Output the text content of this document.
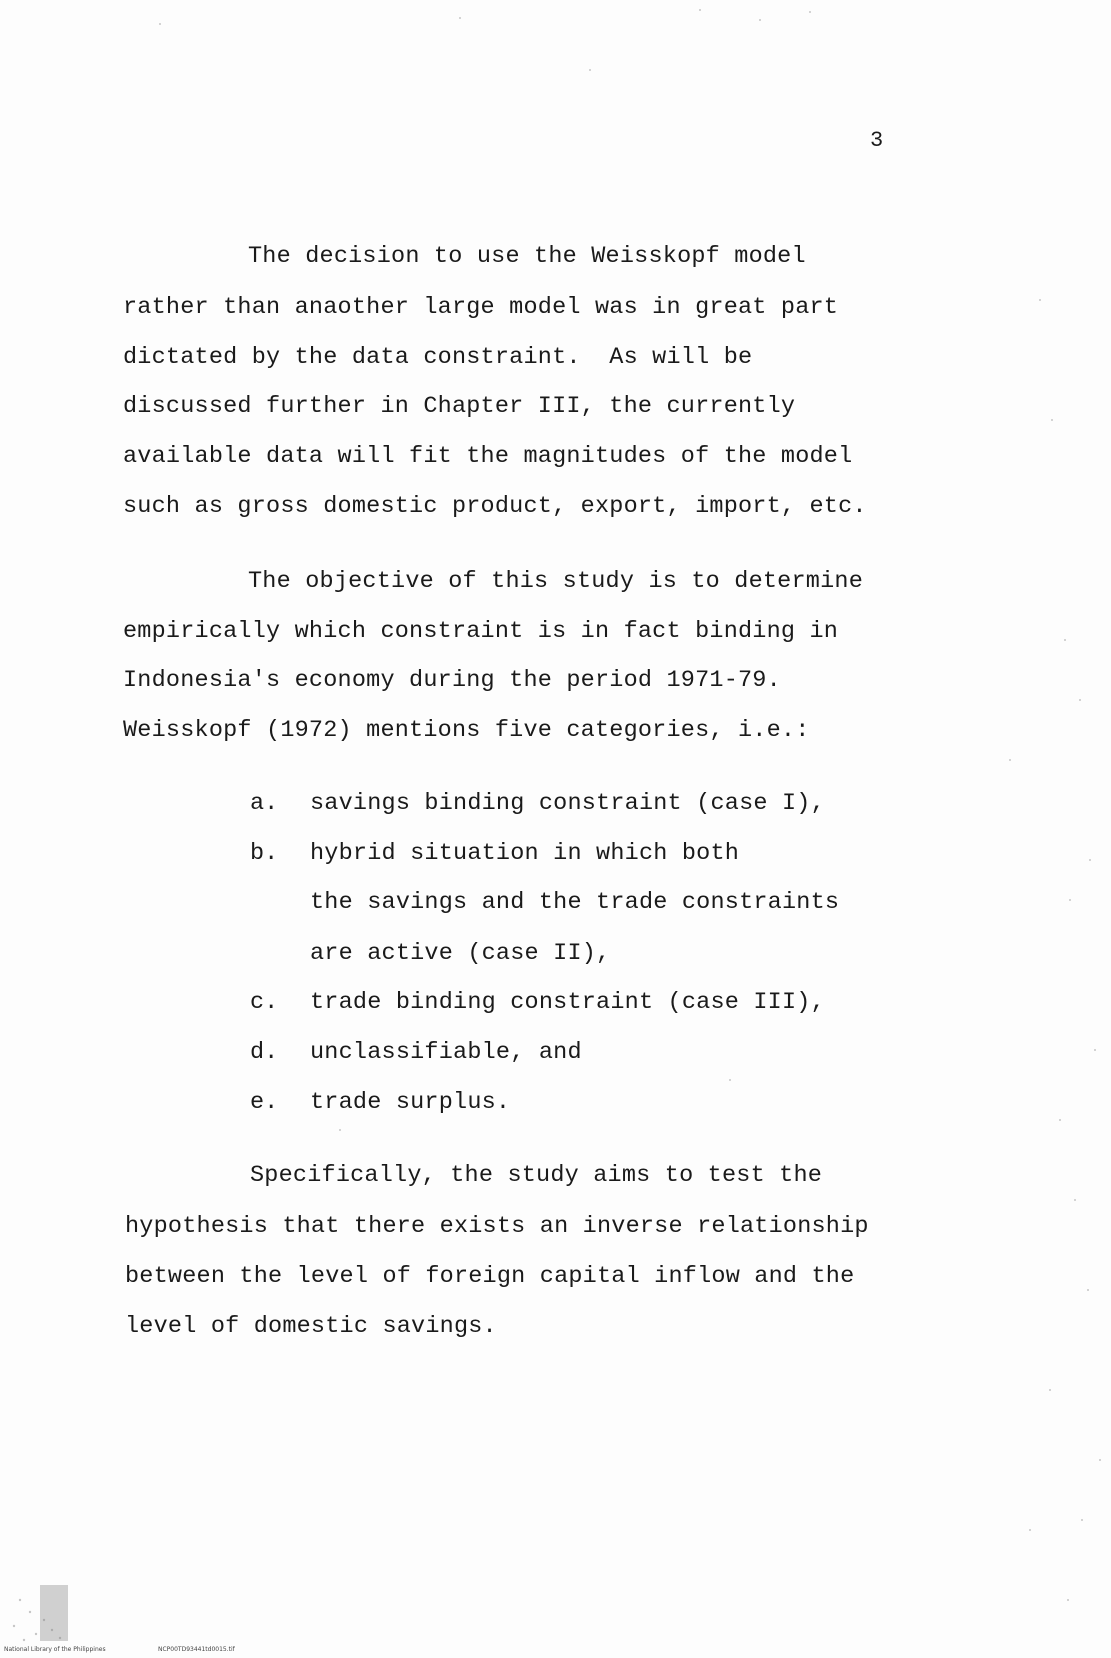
3
The decision to use the Weisskopf model
rather than anaother large model was in great part
dictated by the data constraint.  As will be
discussed further in Chapter III, the currently
available data will fit the magnitudes of the model
such as gross domestic product, export, import, etc.
The objective of this study is to determine
empirically which constraint is in fact binding in
Indonesia's economy during the period 1971-79.
Weisskopf (1972) mentions five categories, i.e.:
a. savings binding constraint (case I),
b. hybrid situation in which both
the savings and the trade constraints
are active (case II),
c. trade binding constraint (case III),
d. unclassifiable, and
e. trade surplus.
Specifically, the study aims to test the
hypothesis that there exists an inverse relationship
between the level of foreign capital inflow and the
level of domestic savings.
National Library of the Philippines	NCP00TD93441td0015.tif
